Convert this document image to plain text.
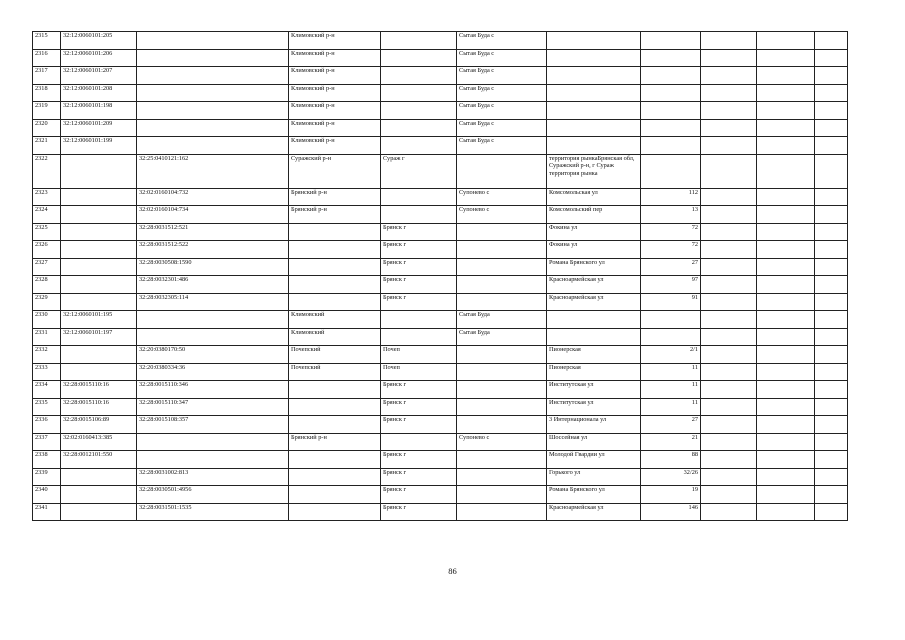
2315	32:12:0060101:205		Климовский р-н		Сытая Буда с					
2316	32:12:0060101:206		Климовский р-н		Сытая Буда с					
2317	32:12:0060101:207		Климовский р-н		Сытая Буда с					
2318	32:12:0060101:208		Климовский р-н		Сытая Буда с					
2319	32:12:0060101:198		Климовский р-н		Сытая Буда с					
2320	32:12:0060101:209		Климовский р-н		Сытая Буда с					
2321	32:12:0060101:199		Климовский р-н		Сытая Буда с					
2322		32:25:0410121:162	Суражский р-н	Сураж г		территория рынкаБрянская обл, Суражский р-н, г Сураж территория рынка				
2323		32:02:0160104:732	Брянский р-н		Супонево с	Комсомольская ул	112			
2324		32:02:0160104:734	Брянский р-н		Супонево с	Комсомольский пер	13			
2325		32:28:0031512:521		Брянск г		Фокина ул	72			
2326		32:28:0031512:522		Брянск г		Фокина ул	72			
2327		32:28:0030508:1590		Брянск г		Романа Брянского ул	27			
2328		32:28:0032301:486		Брянск г		Красноармейская ул	97			
2329		32:28:0032305:114		Брянск г		Красноармейская ул	91			
2330	32:12:0060101:195		Климовский		Сытая Буда					
2331	32:12:0060101:197		Климовский		Сытая Буда					
2332		32:20:0380170:50	Почепский	Почеп		Пионерская	2/1			
2333		32:20:0380334:36	Почепский	Почеп		Пионерская	11			
2334	32:28:0015110:16	32:28:0015110:346		Брянск г		Институтская ул	11			
2335	32:28:0015110:16	32:28:0015110:347		Брянск г		Институтская ул	11			
2336	32:28:0015106:89	32:28:0015108:357		Брянск г		3 Интернационала ул	27			
2337	32:02:0160413:385		Брянский р-н		Супонево с	Шоссейная ул	21			
2338	32:28:0012101:550			Брянск г		Молодой Гвардии ул	88			
2339		32:28:0031002:813		Брянск г		Горького ул	32/26			
2340		32:28:0030501:4956		Брянск г		Романа Брянского ул	19			
2341		32:28:0031501:1535		Брянск г		Красноармейская ул	146			
86
